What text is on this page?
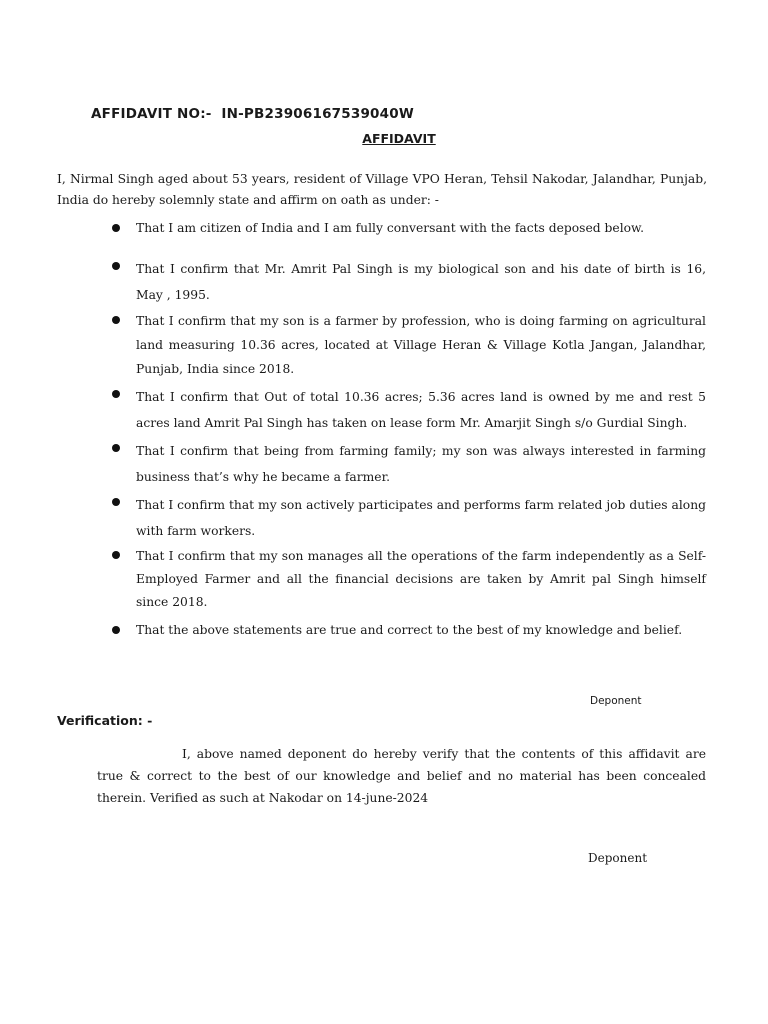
AFFIDAVIT NO:-  IN-PB23906167539040W
AFFIDAVIT
I, Nirmal Singh aged about 53 years, resident of Village VPO Heran, Tehsil Nakodar, Jalandhar, Punjab, India do hereby solemnly state and affirm on oath as under: -
That I am citizen of India and I am fully conversant with the facts deposed below.
That I confirm that Mr. Amrit Pal Singh is my biological son and his date of birth is 16, May , 1995.
That I confirm that my son is a farmer by profession, who is doing farming on agricultural land measuring 10.36 acres, located at Village Heran & Village Kotla Jangan, Jalandhar, Punjab, India since 2018.
That I confirm that Out of total 10.36 acres; 5.36 acres land is owned by me and rest 5 acres land Amrit Pal Singh has taken on lease form Mr. Amarjit Singh s/o Gurdial Singh.
That I confirm that being from farming family; my son was always interested in farming business that’s why he became a farmer.
That I confirm that my son actively participates and performs farm related job duties along with farm workers.
That I confirm that my son manages all the operations of the farm independently as a Self-Employed Farmer and all the financial decisions are taken by Amrit pal Singh himself since 2018.
That the above statements are true and correct to the best of my knowledge and belief.
Deponent
Verification: -
I, above named deponent do hereby verify that the contents of this affidavit are true & correct to the best of our knowledge and belief and no material has been concealed therein. Verified as such at Nakodar on 14-june-2024
Deponent
